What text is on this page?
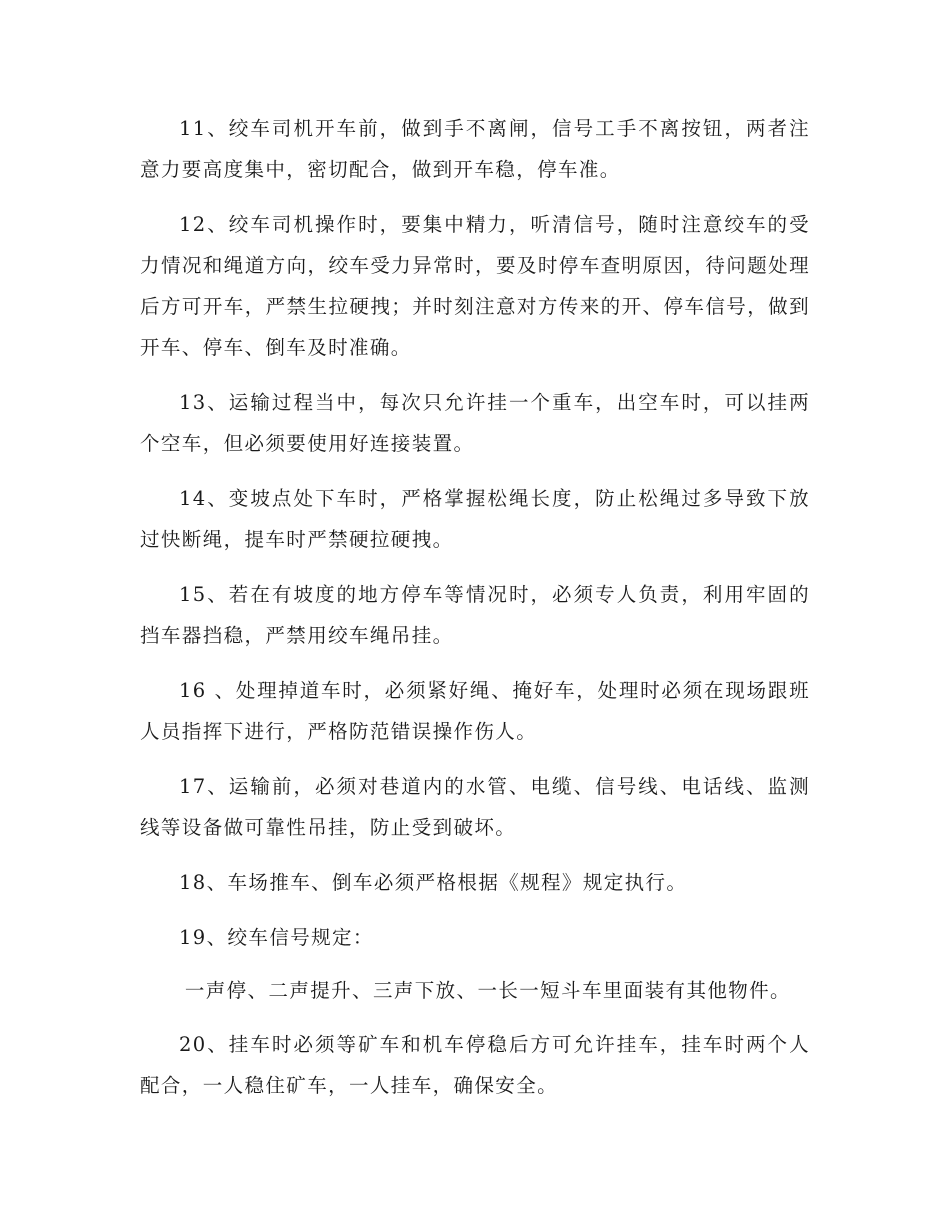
11、绞车司机开车前，做到手不离闸，信号工手不离按钮，两者注意力要高度集中，密切配合，做到开车稳，停车准。

12、绞车司机操作时，要集中精力，听清信号，随时注意绞车的受力情况和绳道方向，绞车受力异常时，要及时停车查明原因，待问题处理后方可开车，严禁生拉硬拽；并时刻注意对方传来的开、停车信号，做到开车、停车、倒车及时准确。

13、运输过程当中，每次只允许挂一个重车，出空车时，可以挂两个空车，但必须要使用好连接装置。

14、变坡点处下车时，严格掌握松绳长度，防止松绳过多导致下放过快断绳，提车时严禁硬拉硬拽。

15、若在有坡度的地方停车等情况时，必须专人负责，利用牢固的挡车器挡稳，严禁用绞车绳吊挂。

16 、处理掉道车时，必须紧好绳、掩好车，处理时必须在现场跟班人员指挥下进行，严格防范错误操作伤人。

17、运输前，必须对巷道内的水管、电缆、信号线、电话线、监测线等设备做可靠性吊挂，防止受到破坏。

18、车场推车、倒车必须严格根据《规程》规定执行。

19、绞车信号规定：

一声停、二声提升、三声下放、一长一短斗车里面装有其他物件。

20、挂车时必须等矿车和机车停稳后方可允许挂车，挂车时两个人配合，一人稳住矿车，一人挂车，确保安全。
